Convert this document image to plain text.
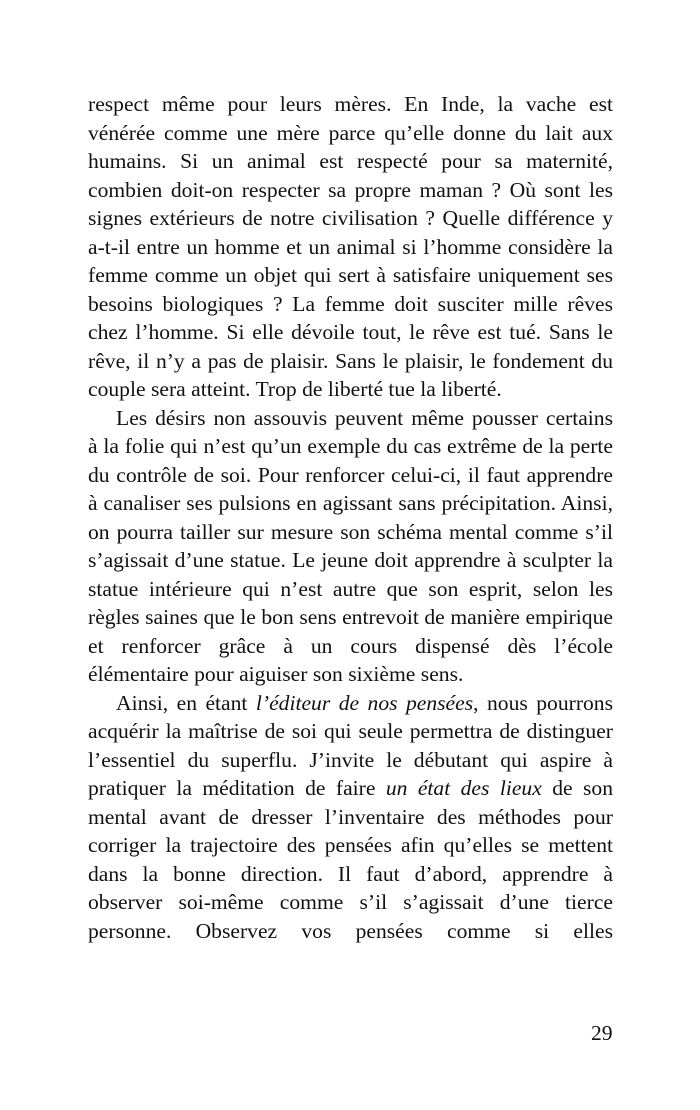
respect même pour leurs mères. En Inde, la vache est
vénérée comme une mère parce qu’elle donne du lait aux
humains. Si un animal est respecté pour sa maternité,
combien doit-on respecter sa propre maman ? Où sont les
signes extérieurs de notre civilisation ? Quelle différence y
a-t-il entre un homme et un animal si l’homme considère la
femme comme un objet qui sert à satisfaire uniquement ses
besoins biologiques ? La femme doit susciter mille rêves
chez l’homme. Si elle dévoile tout, le rêve est tué. Sans le
rêve, il n’y a pas de plaisir. Sans le plaisir, le fondement du
couple sera atteint. Trop de liberté tue la liberté.
Les désirs non assouvis peuvent même pousser certains
à la folie qui n’est qu’un exemple du cas extrême de la perte
du contrôle de soi. Pour renforcer celui-ci, il faut apprendre
à canaliser ses pulsions en agissant sans précipitation. Ainsi,
on pourra tailler sur mesure son schéma mental comme s’il
s’agissait d’une statue. Le jeune doit apprendre à sculpter la
statue intérieure qui n’est autre que son esprit, selon les
règles saines que le bon sens entrevoit de manière empirique
et renforcer grâce à un cours dispensé dès l’école
élémentaire pour aiguiser son sixième sens.
Ainsi, en étant l’éditeur de nos pensées, nous pourrons
acquérir la maîtrise de soi qui seule permettra de distinguer
l’essentiel du superflu. J’invite le débutant qui aspire à
pratiquer la méditation de faire un état des lieux de son
mental avant de dresser l’inventaire des méthodes pour
corriger la trajectoire des pensées afin qu’elles se mettent
dans la bonne direction. Il faut d’abord, apprendre à
observer soi-même comme s’il s’agissait d’une tierce
personne. Observez vos pensées comme si elles
29
